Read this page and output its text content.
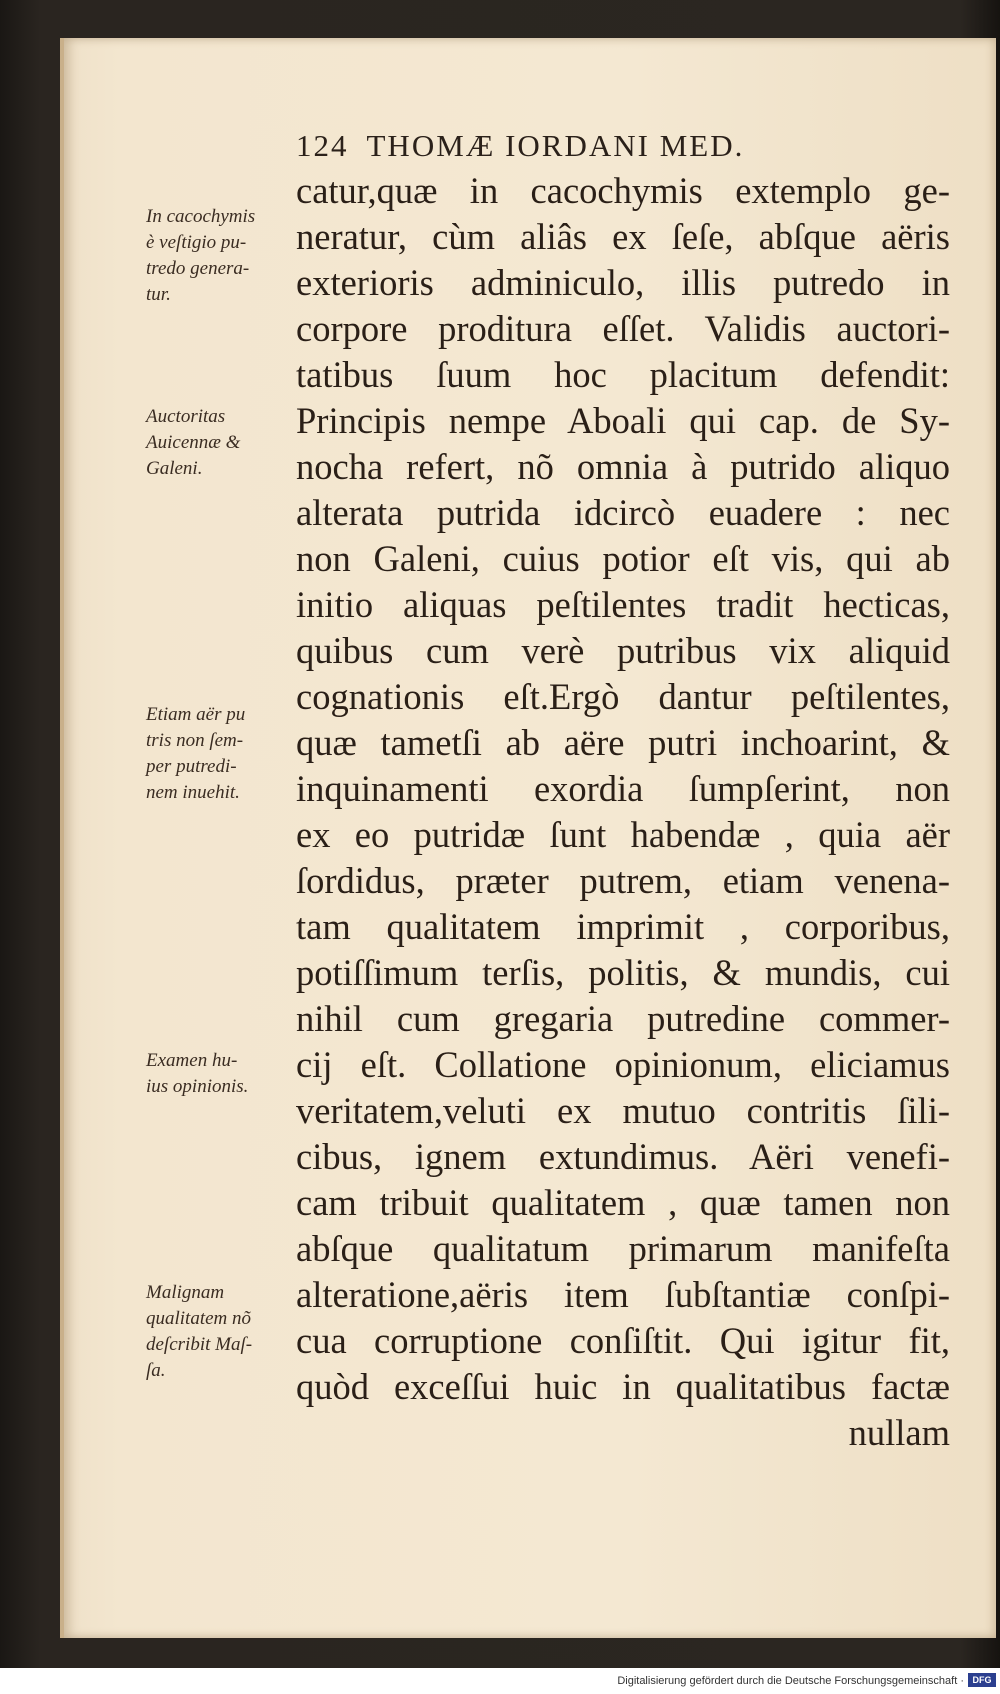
124 THOMÆ IORDANI MED.
catur,quæ in cacochymis extemplo ge-
neratur, cùm aliâs ex ſeſe, abſque aëris
exterioris adminiculo, illis putredo in
corpore proditura eſſet. Validis auctori-
tatibus ſuum hoc placitum defendit:
Principis nempe Aboali qui cap. de Sy-
nocha refert, nõ omnia à putrido aliquo
alterata putrida idcircò euadere : nec
non Galeni, cuius potior eſt vis, qui ab
initio aliquas peſtilentes tradit hecticas,
quibus cum verè putribus vix aliquid
cognationis eſt.Ergò dantur peſtilentes,
quæ tametſi ab aëre putri inchoarint, &
inquinamenti exordia ſumpſerint, non
ex eo putridæ ſunt habendæ , quia aër
ſordidus, præter putrem, etiam venena-
tam qualitatem imprimit , corporibus,
potiſſimum terſis, politis, & mundis, cui
nihil cum gregaria putredine commer-
cij eſt. Collatione opinionum, eliciamus
veritatem,veluti ex mutuo contritis ſili-
cibus, ignem extundimus. Aëri venefi-
cam tribuit qualitatem , quæ tamen non
abſque qualitatum primarum manifeſta
alteratione,aëris item ſubſtantiæ conſpi-
cua corruptione conſiſtit. Qui igitur fit,
quòd exceſſui huic in qualitatibus factæ
nullam
In cacochymis
è veſtigio pu-
tredo genera-
tur.
Auctoritas
Auicennæ &
Galeni.
Etiam aër pu
tris non ſem-
per putredi-
nem inuehit.
Examen hu-
ius opinionis.
Malignam
qualitatem nõ
deſcribit Maſ-
ſa.
Digitalisierung gefördert durch die Deutsche Forschungsgemeinschaft · DFG
